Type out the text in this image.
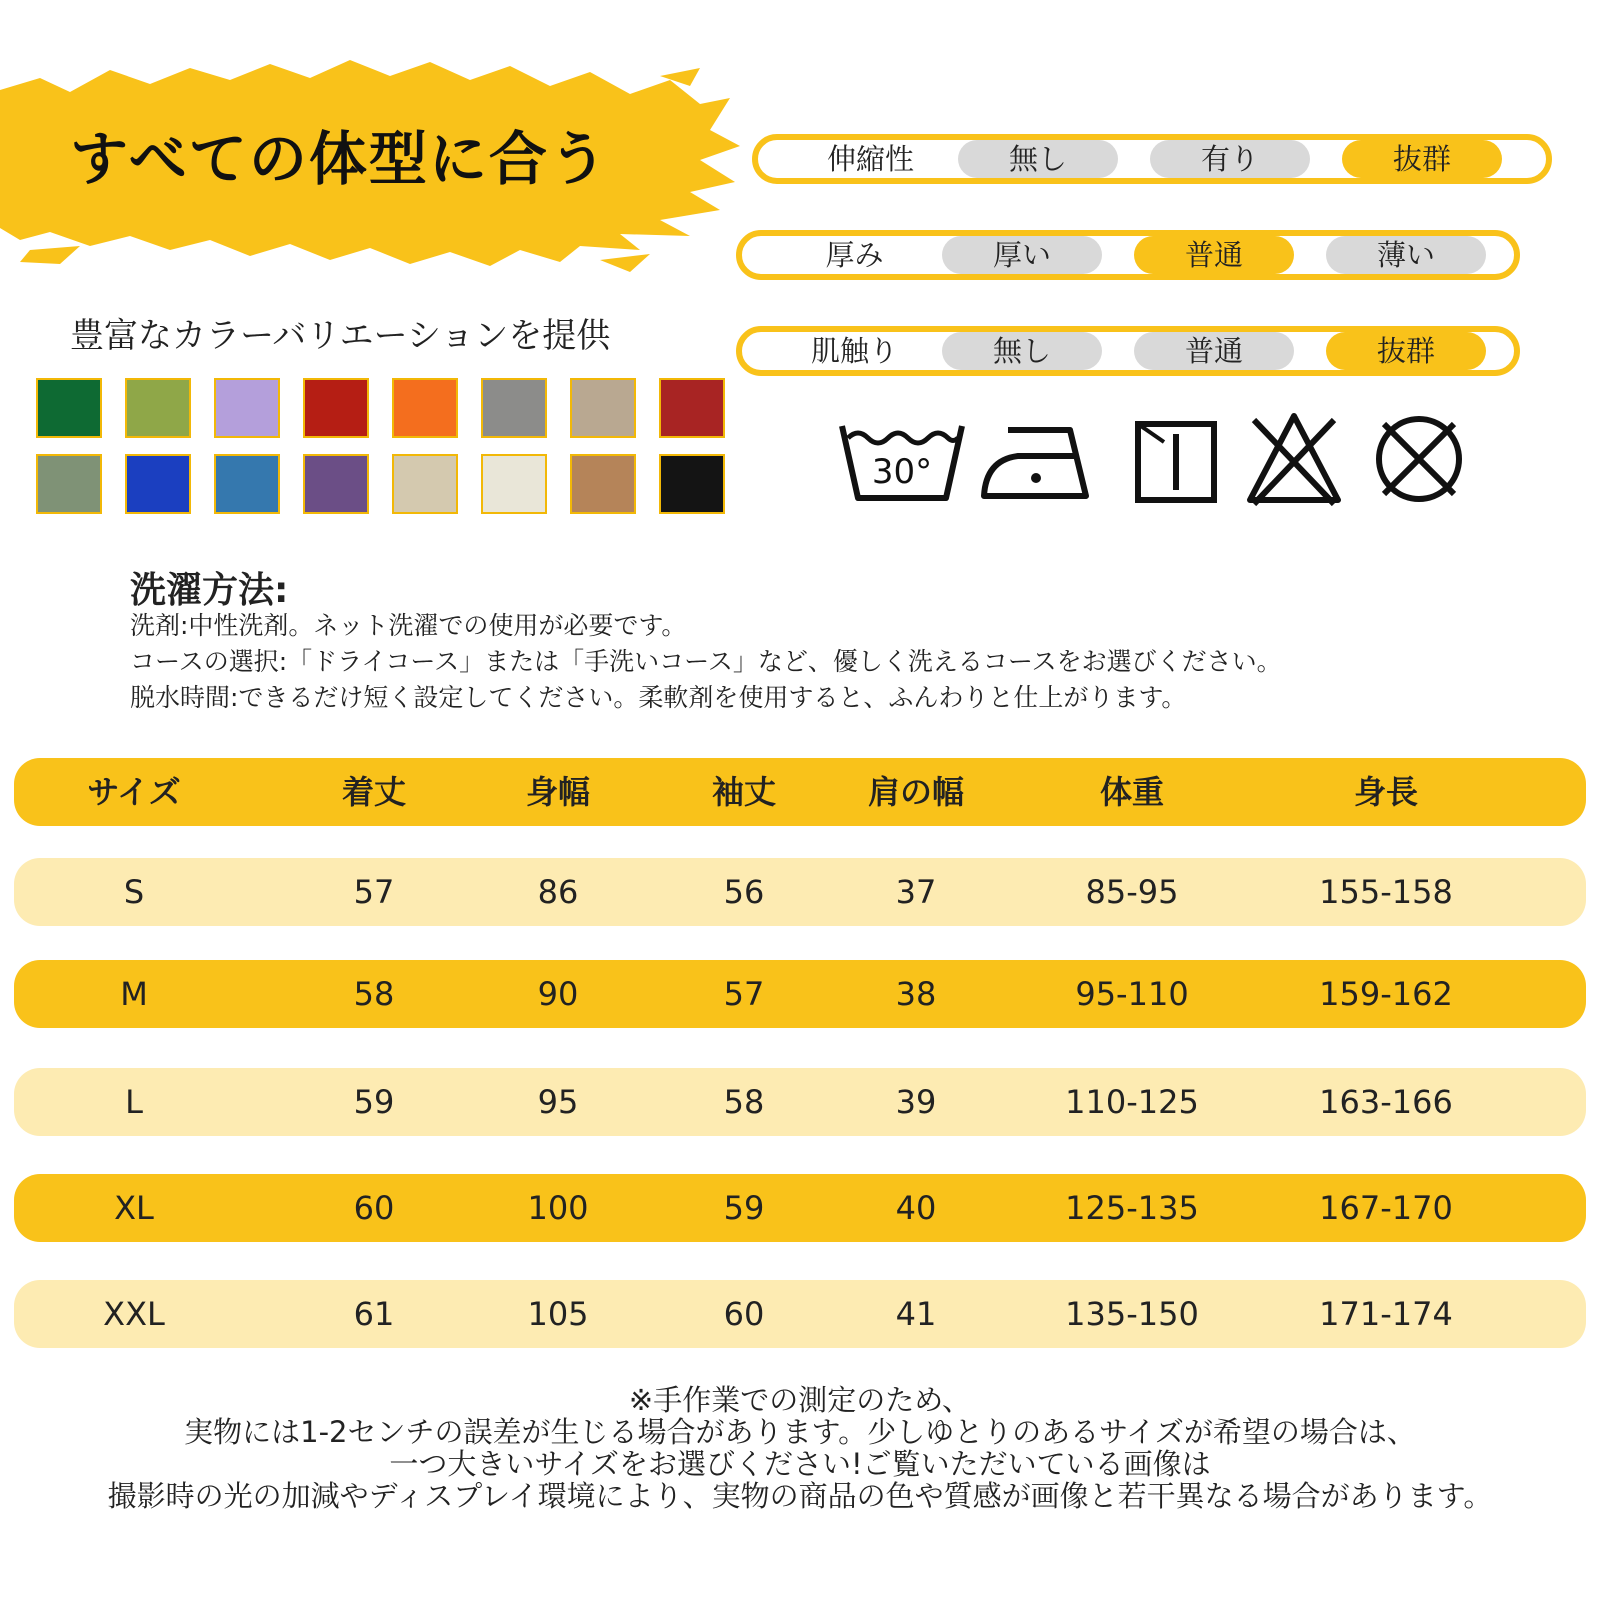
すべての体型に合う
豊富なカラーバリエーションを提供
伸縮性	無し	有り	抜群
厚み	厚い	普通	薄い
肌触り	無し	普通	抜群
30°
洗濯方法:
洗剤:中性洗剤。ネット洗濯での使用が必要です。
コースの選択:「ドライコース」または「手洗いコース」など、優しく洗えるコースをお選びください。
脱水時間:できるだけ短く設定してください。柔軟剤を使用すると、ふんわりと仕上がります。
サイズ	着丈	身幅	袖丈	肩の幅	体重	身長
S	57	86	56	37	85-95	155-158
M	58	90	57	38	95-110	159-162
L	59	95	58	39	110-125	163-166
XL	60	100	59	40	125-135	167-170
XXL	61	105	60	41	135-150	171-174
※手作業での測定のため、
実物には1-2センチの誤差が生じる場合があります。少しゆとりのあるサイズが希望の場合は、
一つ大きいサイズをお選びください!ご覧いただいている画像は
撮影時の光の加減やディスプレイ環境により、実物の商品の色や質感が画像と若干異なる場合があります。
